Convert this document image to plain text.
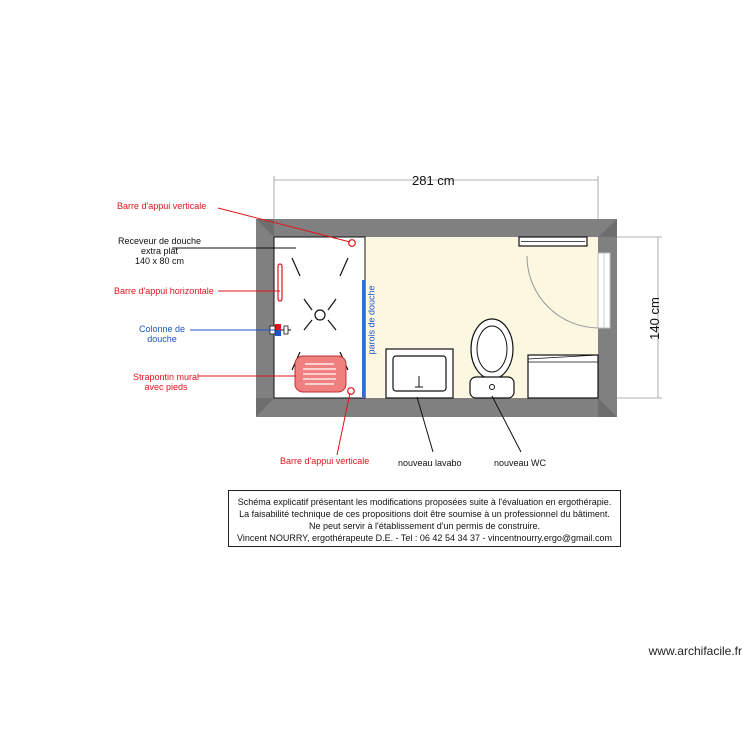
281 cm
140 cm
Barre d'appui verticale
Receveur de douche
extra plat
140 x 80 cm
Barre d'appui horizontale
Colonne de
douche
Strapontin mural
avec pieds
Barre d'appui verticale
parois de douche
nouveau lavabo	nouveau WC
Schéma explicatif présentant les modifications proposées suite à l'évaluation en ergothérapie.
La faisabilité technique de ces propositions doit être soumise à un professionnel du bâtiment.
Ne peut servir à l'établissement d'un permis de construire.
Vincent NOURRY, ergothérapeute D.E. - Tel : 06 42 54 34 37 - vincentnourry.ergo@gmail.com
www.archifacile.fr
